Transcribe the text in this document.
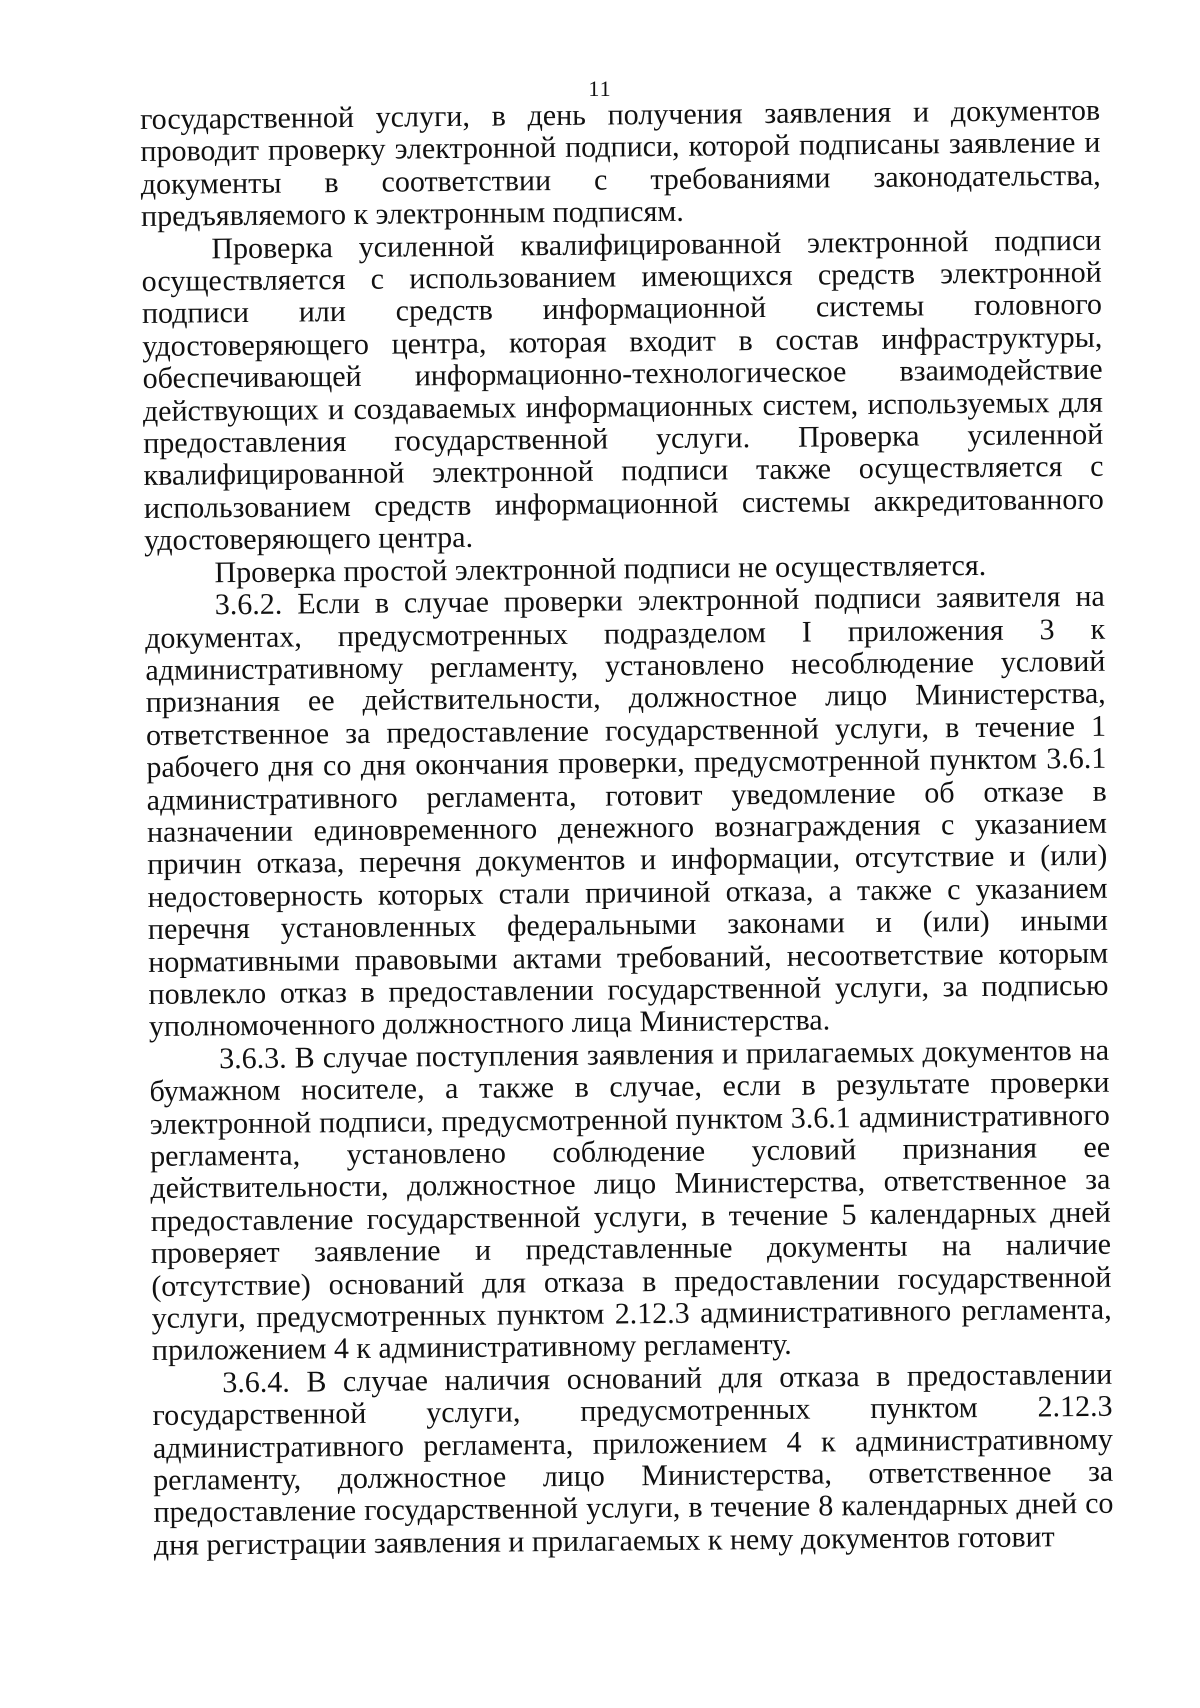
11

государственной услуги, в день получения заявления и документов проводит проверку электронной подписи, которой подписаны заявление и документы в соответствии с требованиями законодательства, предъявляемого к электронным подписям.

Проверка усиленной квалифицированной электронной подписи осуществляется с использованием имеющихся средств электронной подписи или средств информационной системы головного удостоверяющего центра, которая входит в состав инфраструктуры, обеспечивающей информационно-технологическое взаимодействие действующих и создаваемых информационных систем, используемых для предоставления государственной услуги. Проверка усиленной квалифицированной электронной подписи также осуществляется с использованием средств информационной системы аккредитованного удостоверяющего центра.

Проверка простой электронной подписи не осуществляется.

3.6.2. Если в случае проверки электронной подписи заявителя на документах, предусмотренных подразделом I приложения 3 к административному регламенту, установлено несоблюдение условий признания ее действительности, должностное лицо Министерства, ответственное за предоставление государственной услуги, в течение 1 рабочего дня со дня окончания проверки, предусмотренной пунктом 3.6.1 административного регламента, готовит уведомление об отказе в назначении единовременного денежного вознаграждения с указанием причин отказа, перечня документов и информации, отсутствие и (или) недостоверность которых стали причиной отказа, а также с указанием перечня установленных федеральными законами и (или) иными нормативными правовыми актами требований, несоответствие которым повлекло отказ в предоставлении государственной услуги, за подписью уполномоченного должностного лица Министерства.

3.6.3. В случае поступления заявления и прилагаемых документов на бумажном носителе, а также в случае, если в результате проверки электронной подписи, предусмотренной пунктом 3.6.1 административного регламента, установлено соблюдение условий признания ее действительности, должностное лицо Министерства, ответственное за предоставление государственной услуги, в течение 5 календарных дней проверяет заявление и представленные документы на наличие (отсутствие) оснований для отказа в предоставлении государственной услуги, предусмотренных пунктом 2.12.3 административного регламента, приложением 4 к административному регламенту.

3.6.4. В случае наличия оснований для отказа в предоставлении государственной услуги, предусмотренных пунктом 2.12.3 административного регламента, приложением 4 к административному регламенту, должностное лицо Министерства, ответственное за предоставление государственной услуги, в течение 8 календарных дней со дня регистрации заявления и прилагаемых к нему документов готовит
